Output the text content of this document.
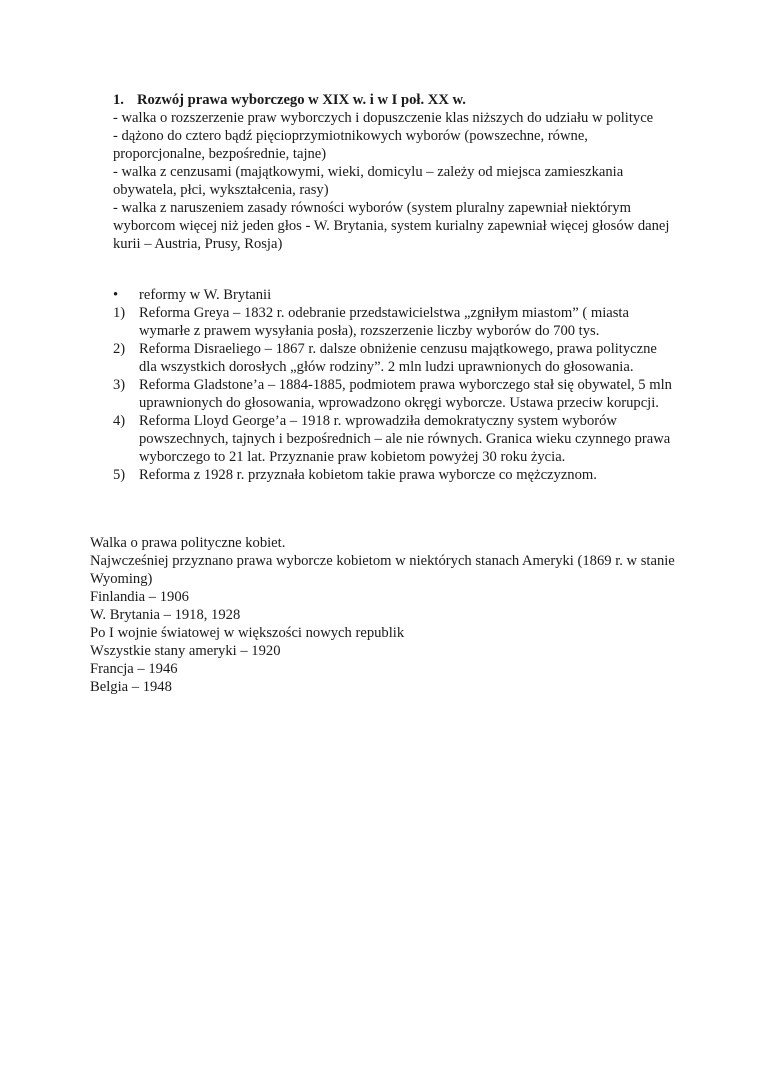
1. Rozwój prawa wyborczego w XIX w. i w I poł. XX w.

- walka o rozszerzenie praw wyborczych i dopuszczenie klas niższych do udziału w polityce

- dążono do cztero bądź pięcioprzymiotnikowych wyborów (powszechne, równe, proporcjonalne, bezpośrednie, tajne)

- walka z cenzusami (majątkowymi, wieki, domicylu – zależy od miejsca zamieszkania obywatela, płci, wykształcenia, rasy)

- walka z naruszeniem zasady równości wyborów (system pluralny zapewniał niektórym wyborcom więcej niż jeden głos - W. Brytania, system kurialny zapewniał więcej głosów danej kurii – Austria, Prusy, Rosja)

•	reformy w W. Brytanii

1) Reforma Greya – 1832 r. odebranie przedstawicielstwa „zgniłym miastom” ( miasta wymarłe z prawem wysyłania posła), rozszerzenie liczby wyborów do 700 tys.
2) Reforma Disraeliego – 1867 r. dalsze obniżenie cenzusu majątkowego, prawa polityczne dla wszystkich dorosłych „głów rodziny”. 2 mln ludzi uprawnionych do głosowania.
3) Reforma Gladstone’a – 1884-1885, podmiotem prawa wyborczego stał się obywatel, 5 mln uprawnionych do głosowania, wprowadzono okręgi wyborcze. Ustawa przeciw korupcji.
4) Reforma Lloyd George’a – 1918 r. wprowadziła demokratyczny system wyborów powszechnych, tajnych i bezpośrednich – ale nie równych. Granica wieku czynnego prawa wyborczego to 21 lat. Przyznanie praw kobietom powyżej 30 roku życia.
5) Reforma z 1928 r. przyznała kobietom takie prawa wyborcze co mężczyznom.

Walka o prawa polityczne kobiet.

Najwcześniej przyznano prawa wyborcze kobietom w niektórych stanach Ameryki (1869 r. w stanie Wyoming)

Finlandia – 1906

W. Brytania – 1918, 1928

Po I wojnie światowej w większości nowych republik

Wszystkie stany ameryki – 1920

Francja – 1946

Belgia – 1948
